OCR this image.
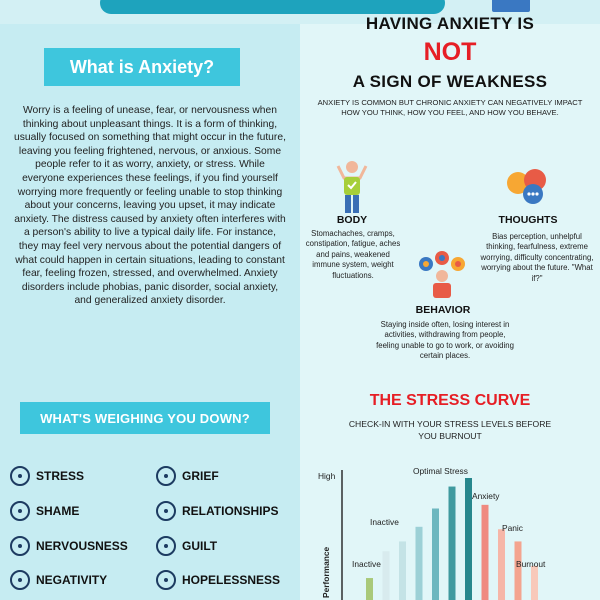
What is Anxiety?

Worry is a feeling of unease, fear, or nervousness when thinking about unpleasant things. It is a form of thinking, usually focused on something that might occur in the future, leaving you feeling frightened, nervous, or anxious. Some people refer to it as worry, anxiety, or stress. While everyone experiences these feelings, if you find yourself worrying more frequently or feeling unable to stop thinking about your concerns, leaving you upset, it may indicate anxiety. The distress caused by anxiety often interferes with a person's ability to live a typical daily life. For instance, they may feel very nervous about the potential dangers of what could happen in certain situations, leading to constant fear, feeling frozen, stressed, and overwhelmed. Anxiety disorders include phobias, panic disorder, social anxiety, and generalized anxiety disorder.

HAVING ANXIETY IS
NOT
A SIGN OF WEAKNESS

ANXIETY IS COMMON BUT CHRONIC ANXIETY CAN NEGATIVELY IMPACT HOW YOU THINK, HOW YOU FEEL, AND HOW YOU BEHAVE.

BODY

Stomachaches, cramps, constipation, fatigue, aches and pains, weakened immune system, weight fluctuations.

THOUGHTS

Bias perception, unhelpful thinking, fearfulness, extreme worrying, difficulty concentrating, worrying about the future. "What if?"

BEHAVIOR

Staying inside often, losing interest in activities, withdrawing from people, feeling unable to go to work, or avoiding certain places.

WHAT'S WEIGHING YOU DOWN?
STRESS	GRIEF
SHAME	RELATIONSHIPS
NERVOUSNESS	GUILT
NEGATIVITY	HOPELESSNESS
THE STRESS CURVE

CHECK-IN WITH YOUR STRESS LEVELS BEFORE YOU BURNOUT

High
Performance
Optimal Stress
Anxiety
Inactive
Panic
Inactive	Burnout
